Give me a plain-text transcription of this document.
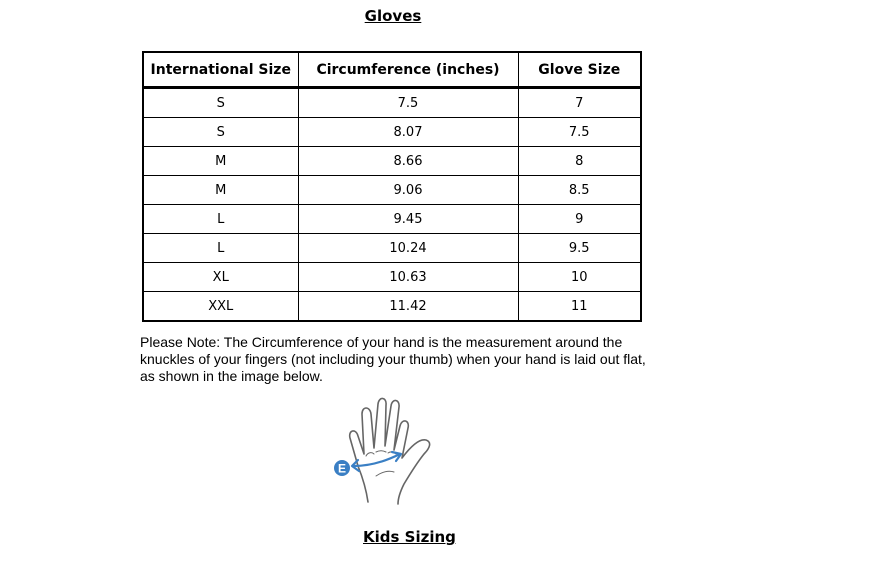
Gloves
International Size	Circumference (inches)	Glove Size
S	7.5	7
S	8.07	7.5
M	8.66	8
M	9.06	8.5
L	9.45	9
L	10.24	9.5
XL	10.63	10
XXL	11.42	11
Please Note: The Circumference of your hand is the measurement around the knuckles of your fingers (not including your thumb) when your hand is laid out flat, as shown in the image below.
E
Kids Sizing
